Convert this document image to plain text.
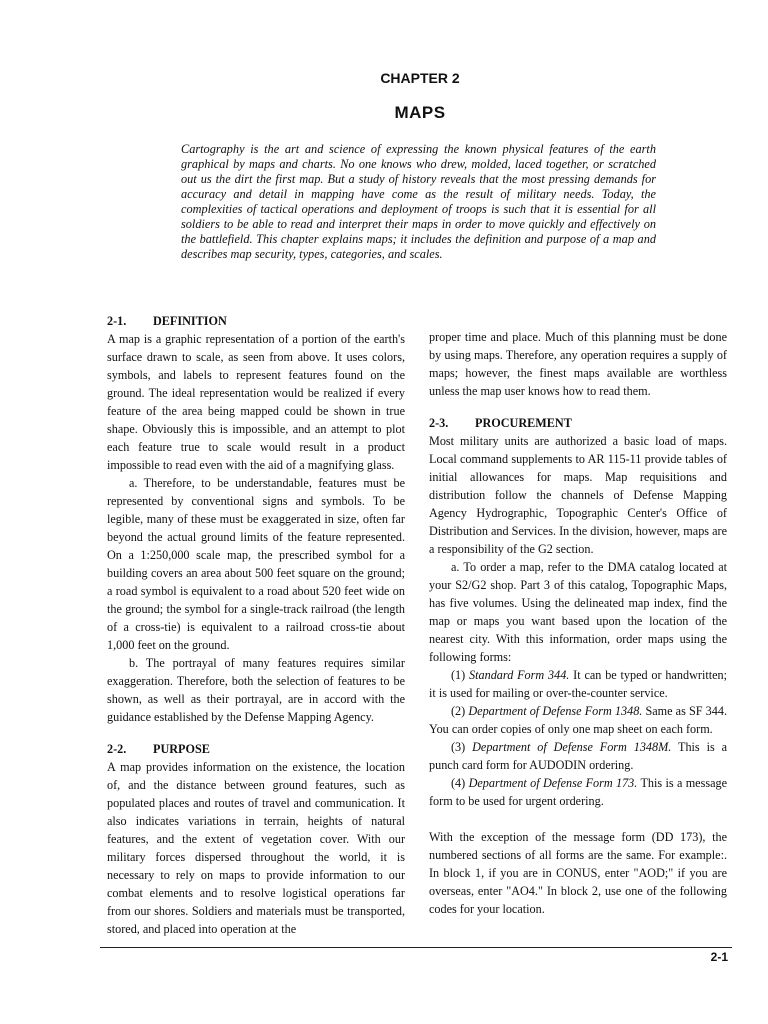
CHAPTER 2
MAPS

Cartography is the art and science of expressing the known physical features of the earth graphical by maps and charts. No one knows who drew, molded, laced together, or scratched out us the dirt the first map. But a study of history reveals that the most pressing demands for accuracy and detail in mapping have come as the result of military needs. Today, the complexities of tactical operations and deployment of troops is such that it is essential for all soldiers to be able to read and interpret their maps in order to move quickly and effectively on the battlefield. This chapter explains maps; it includes the definition and purpose of a map and describes map security, types, categories, and scales.

2-1.	DEFINITION

A map is a graphic representation of a portion of the earth's surface drawn to scale, as seen from above. It uses colors, symbols, and labels to represent features found on the ground. The ideal representation would be realized if every feature of the area being mapped could be shown in true shape. Obviously this is impossible, and an attempt to plot each feature true to scale would result in a product impossible to read even with the aid of a magnifying glass.

a. Therefore, to be understandable, features must be represented by conventional signs and symbols. To be legible, many of these must be exaggerated in size, often far beyond the actual ground limits of the feature represented. On a 1:250,000 scale map, the prescribed symbol for a building covers an area about 500 feet square on the ground; a road symbol is equivalent to a road about 520 feet wide on the ground; the symbol for a single-track railroad (the length of a cross-tie) is equivalent to a railroad cross-tie about 1,000 feet on the ground.

b. The portrayal of many features requires similar exaggeration. Therefore, both the selection of features to be shown, as well as their portrayal, are in accord with the guidance established by the Defense Mapping Agency.

2-2.	PURPOSE

A map provides information on the existence, the location of, and the distance between ground features, such as populated places and routes of travel and communication. It also indicates variations in terrain, heights of natural features, and the extent of vegetation cover. With our military forces dispersed throughout the world, it is necessary to rely on maps to provide information to our combat elements and to resolve logistical operations far from our shores. Soldiers and materials must be transported, stored, and placed into operation at the

proper time and place. Much of this planning must be done by using maps. Therefore, any operation requires a supply of maps; however, the finest maps available are worthless unless the map user knows how to read them.

2-3.	PROCUREMENT

Most military units are authorized a basic load of maps. Local command supplements to AR 115-11 provide tables of initial allowances for maps. Map requisitions and distribution follow the channels of Defense Mapping Agency Hydrographic, Topographic Center's Office of Distribution and Services. In the division, however, maps are a responsibility of the G2 section.

a. To order a map, refer to the DMA catalog located at your S2/G2 shop. Part 3 of this catalog, Topographic Maps, has five volumes. Using the delineated map index, find the map or maps you want based upon the location of the nearest city. With this information, order maps using the following forms:

(1) Standard Form 344. It can be typed or handwritten; it is used for mailing or over-the-counter service.

(2) Department of Defense Form 1348. Same as SF 344. You can order copies of only one map sheet on each form.

(3) Department of Defense Form 1348M. This is a punch card form for AUDODIN ordering.

(4) Department of Defense Form 173. This is a message form to be used for urgent ordering.

With the exception of the message form (DD 173), the numbered sections of all forms are the same. For example:. In block 1, if you are in CONUS, enter "AOD;" if you are overseas, enter "AO4." In block 2, use one of the following codes for your location.

2-1
